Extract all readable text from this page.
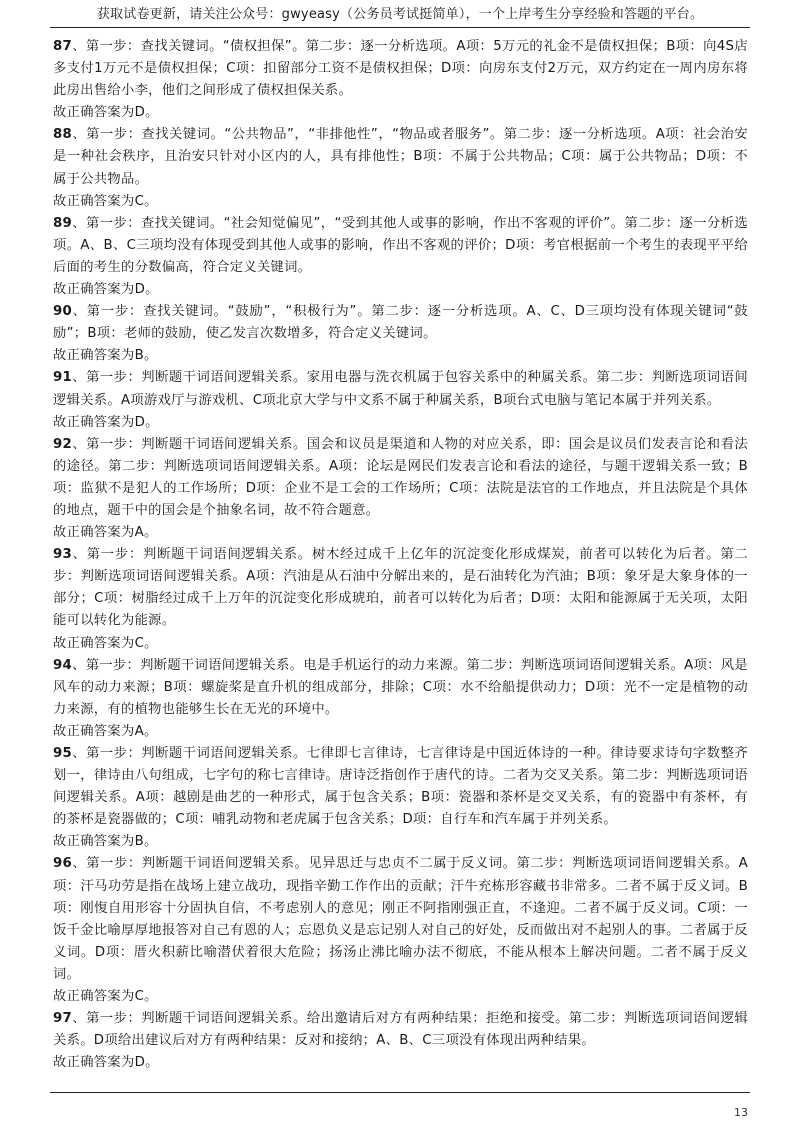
获取试卷更新，请关注公众号：gwyeasy（公务员考试挺简单），一个上岸考生分享经验和答题的平台。

87、第一步：查找关键词。“债权担保”。第二步：逐一分析选项。A项：5万元的礼金不是债权担保；B项：向4S店多支付1万元不是债权担保；C项：扣留部分工资不是债权担保；D项：向房东支付2万元，双方约定在一周内房东将此房出售给小李，他们之间形成了债权担保关系。

故正确答案为D。

88、第一步：查找关键词。“公共物品”，“非排他性”，“物品或者服务”。第二步：逐一分析选项。A项：社会治安是一种社会秩序，且治安只针对小区内的人，具有排他性；B项：不属于公共物品；C项：属于公共物品；D项：不属于公共物品。

故正确答案为C。

89、第一步：查找关键词。“社会知觉偏见”，“受到其他人或事的影响，作出不客观的评价”。第二步：逐一分析选项。A、B、C三项均没有体现受到其他人或事的影响，作出不客观的评价；D项：考官根据前一个考生的表现平平给后面的考生的分数偏高，符合定义关键词。

故正确答案为D。

90、第一步：查找关键词。“鼓励”，“积极行为”。第二步：逐一分析选项。A、C、D三项均没有体现关键词“鼓励”；B项：老师的鼓励，使乙发言次数增多，符合定义关键词。

故正确答案为B。

91、第一步：判断题干词语间逻辑关系。家用电器与洗衣机属于包容关系中的种属关系。第二步：判断选项词语间逻辑关系。A项游戏厅与游戏机、C项北京大学与中文系不属于种属关系，B项台式电脑与笔记本属于并列关系。

故正确答案为D。

92、第一步：判断题干词语间逻辑关系。国会和议员是渠道和人物的对应关系，即：国会是议员们发表言论和看法的途径。第二步：判断选项词语间逻辑关系。A项：论坛是网民们发表言论和看法的途径，与题干逻辑关系一致；B项：监狱不是犯人的工作场所；D项：企业不是工会的工作场所；C项：法院是法官的工作地点，并且法院是个具体的地点，题干中的国会是个抽象名词，故不符合题意。

故正确答案为A。

93、第一步：判断题干词语间逻辑关系。树木经过成千上亿年的沉淀变化形成煤炭，前者可以转化为后者。第二步：判断选项词语间逻辑关系。A项：汽油是从石油中分解出来的，是石油转化为汽油；B项：象牙是大象身体的一部分；C项：树脂经过成千上万年的沉淀变化形成琥珀，前者可以转化为后者；D项：太阳和能源属于无关项，太阳能可以转化为能源。

故正确答案为C。

94、第一步：判断题干词语间逻辑关系。电是手机运行的动力来源。第二步：判断选项词语间逻辑关系。A项：风是风车的动力来源；B项：螺旋桨是直升机的组成部分，排除；C项：水不给船提供动力；D项：光不一定是植物的动力来源，有的植物也能够生长在无光的环境中。

故正确答案为A。

95、第一步：判断题干词语间逻辑关系。七律即七言律诗，七言律诗是中国近体诗的一种。律诗要求诗句字数整齐划一，律诗由八句组成，七字句的称七言律诗。唐诗泛指创作于唐代的诗。二者为交叉关系。第二步：判断选项词语间逻辑关系。A项：越剧是曲艺的一种形式，属于包含关系；B项：瓷器和茶杯是交叉关系，有的瓷器中有茶杯，有的茶杯是瓷器做的；C项：哺乳动物和老虎属于包含关系；D项：自行车和汽车属于并列关系。

故正确答案为B。

96、第一步：判断题干词语间逻辑关系。见异思迁与忠贞不二属于反义词。第二步：判断选项词语间逻辑关系。A项：汗马功劳是指在战场上建立战功，现指辛勤工作作出的贡献；汗牛充栋形容藏书非常多。二者不属于反义词。B项：刚愎自用形容十分固执自信，不考虑别人的意见；刚正不阿指刚强正直，不逢迎。二者不属于反义词。C项：一饭千金比喻厚厚地报答对自己有恩的人；忘恩负义是忘记别人对自己的好处，反而做出对不起别人的事。二者属于反义词。D项：厝火积薪比喻潜伏着很大危险；扬汤止沸比喻办法不彻底，不能从根本上解决问题。二者不属于反义词。

故正确答案为C。

97、第一步：判断题干词语间逻辑关系。给出邀请后对方有两种结果：拒绝和接受。第二步：判断选项词语间逻辑关系。D项给出建议后对方有两种结果：反对和接纳；A、B、C三项没有体现出两种结果。

故正确答案为D。

13
